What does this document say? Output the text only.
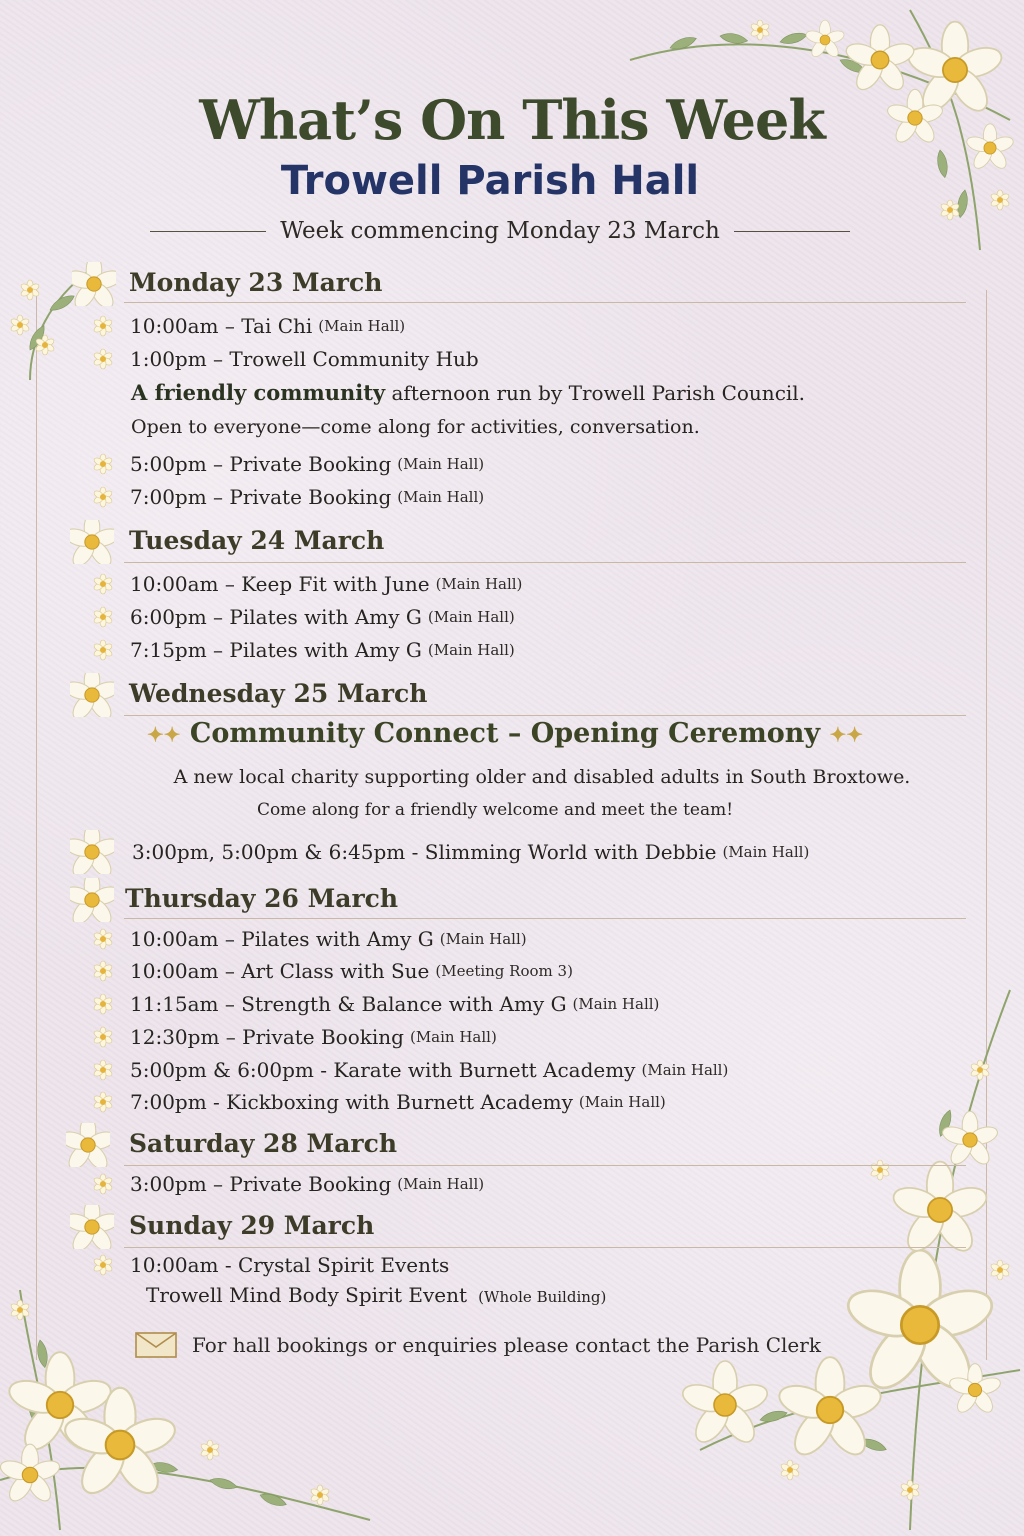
What’s On This Week
Trowell Parish Hall
Week commencing Monday 23 March
Monday 23 March
10:00am – Tai Chi (Main Hall)
1:00pm – Trowell Community Hub
A friendly community afternoon run by Trowell Parish Council.
Open to everyone—come along for activities, conversation.
5:00pm – Private Booking (Main Hall)
7:00pm – Private Booking (Main Hall)
Tuesday 24 March
10:00am – Keep Fit with June (Main Hall)
6:00pm – Pilates with Amy G (Main Hall)
7:15pm – Pilates with Amy G (Main Hall)
Wednesday 25 March
✦✦ Community Connect – Opening Ceremony ✦✦
A new local charity supporting older and disabled adults in South Broxtowe.
Come along for a friendly welcome and meet the team!
3:00pm, 5:00pm & 6:45pm - Slimming World with Debbie (Main Hall)
Thursday 26 March
10:00am – Pilates with Amy G (Main Hall)
10:00am – Art Class with Sue (Meeting Room 3)
11:15am – Strength & Balance with Amy G (Main Hall)
12:30pm – Private Booking (Main Hall)
5:00pm & 6:00pm - Karate with Burnett Academy (Main Hall)
7:00pm - Kickboxing with Burnett Academy (Main Hall)
Saturday 28 March
3:00pm – Private Booking (Main Hall)
Sunday 29 March
10:00am - Crystal Spirit Events
Trowell Mind Body Spirit Event (Whole Building)
For hall bookings or enquiries please contact the Parish Clerk
